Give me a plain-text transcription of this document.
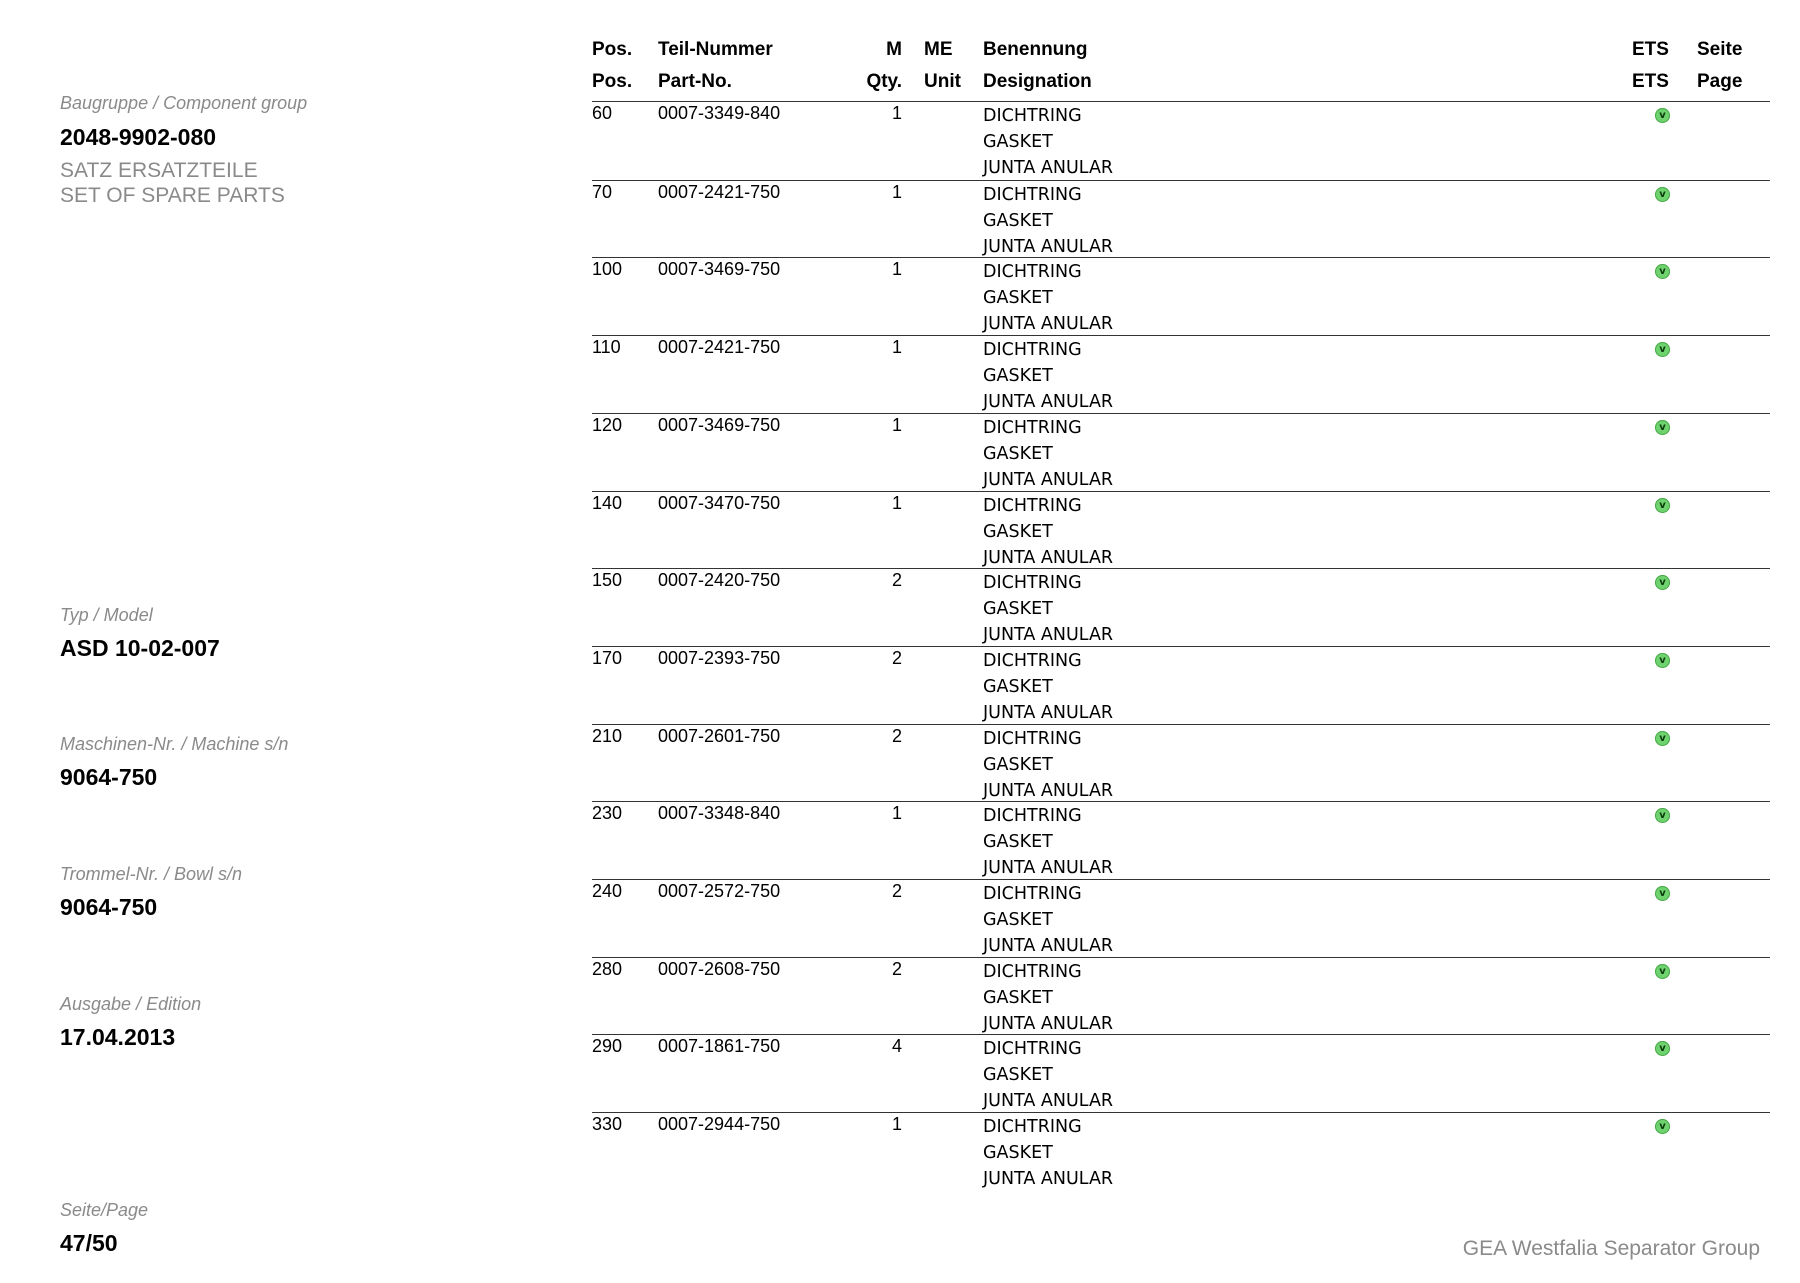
Baugruppe / Component group
2048-9902-080
SATZ ERSATZTEILE
SET OF SPARE PARTS
Typ / Model
ASD 10-02-007
Maschinen-Nr. / Machine s/n
9064-750
Trommel-Nr. / Bowl s/n
9064-750
Ausgabe / Edition
17.04.2013
Seite/Page
47/50
Pos. Teil-Nummer	M ME Benennung	ETS Seite
Pos. Part-No.	Qty. Unit Designation	ETS Page
60	0007-3349-840	1	DICHTRING
GASKET
JUNTA ANULAR
v
70	0007-2421-750	1	DICHTRING
GASKET
JUNTA ANULAR
v
100 0007-3469-750	1	DICHTRING
GASKET
JUNTA ANULAR
v
110 0007-2421-750	1	DICHTRING
GASKET
JUNTA ANULAR
v
120 0007-3469-750	1	DICHTRING
GASKET
JUNTA ANULAR
v
140 0007-3470-750	1	DICHTRING
GASKET
JUNTA ANULAR
v
150 0007-2420-750	2	DICHTRING
GASKET
JUNTA ANULAR
v
170 0007-2393-750	2	DICHTRING
GASKET
JUNTA ANULAR
v
210 0007-2601-750	2	DICHTRING
GASKET
JUNTA ANULAR
v
230 0007-3348-840	1	DICHTRING
GASKET
JUNTA ANULAR
v
240 0007-2572-750	2	DICHTRING
GASKET
JUNTA ANULAR
v
280 0007-2608-750	2	DICHTRING
GASKET
JUNTA ANULAR
v
290 0007-1861-750	4	DICHTRING
GASKET
JUNTA ANULAR
v
330 0007-2944-750	1	DICHTRING
GASKET
JUNTA ANULAR
v
GEA Westfalia Separator Group
